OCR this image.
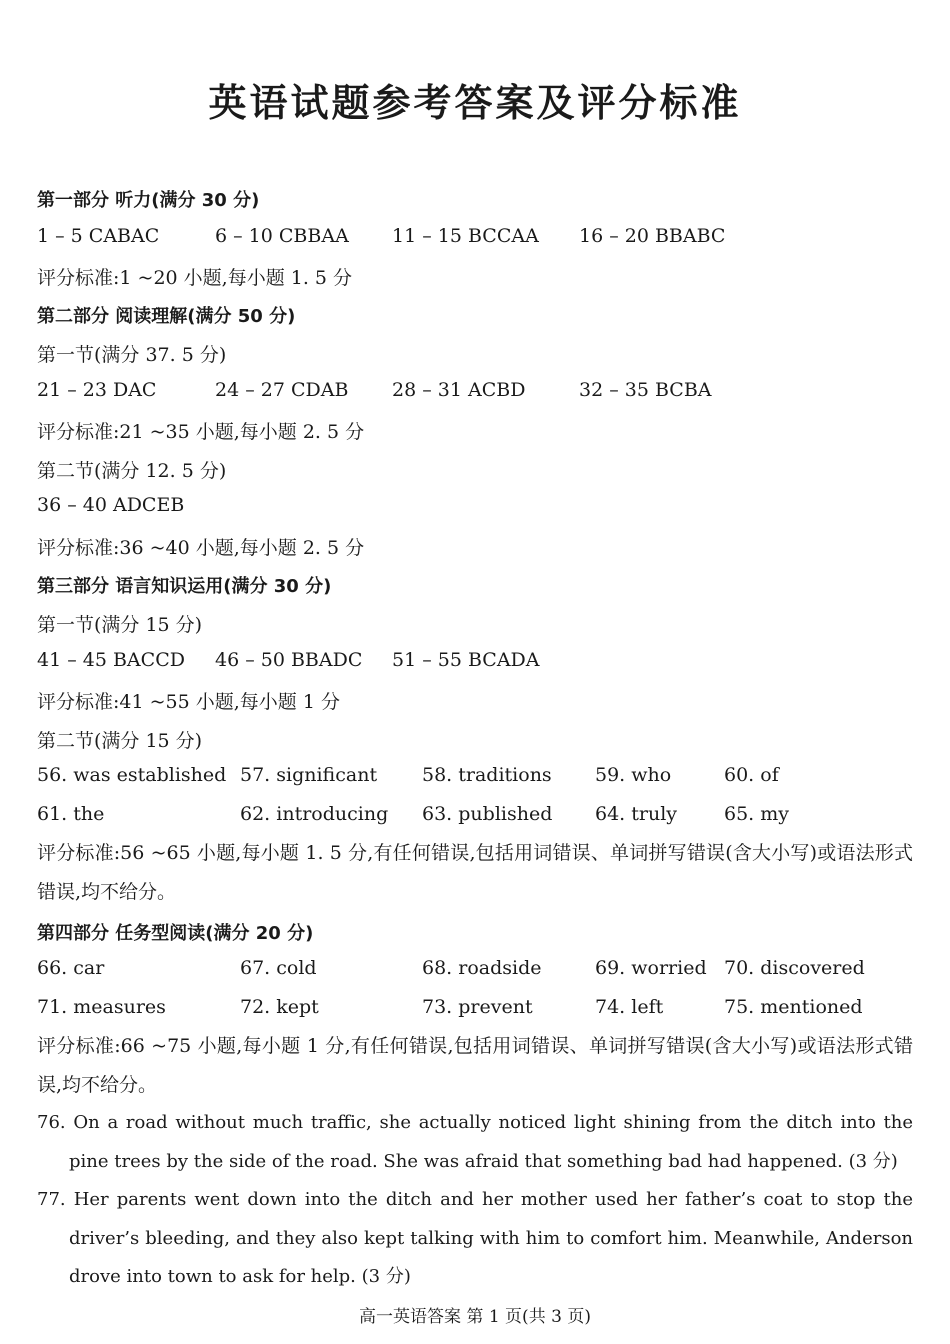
英语试题参考答案及评分标准
第一部分 听力(满分 30 分)
1 – 5 CABAC	6 – 10 CBBAA 11 – 15 BCCAA 16 – 20 BBABC
评分标准:1 ~20 小题,每小题 1. 5 分
第二部分 阅读理解(满分 50 分)
第一节(满分 37. 5 分)
21 – 23 DAC	24 – 27 CDAB 28 – 31 ACBD	32 – 35 BCBA
评分标准:21 ~35 小题,每小题 2. 5 分
第二节(满分 12. 5 分)
36 – 40 ADCEB
评分标准:36 ~40 小题,每小题 2. 5 分
第三部分 语言知识运用(满分 30 分)
第一节(满分 15 分)
41 – 45 BACCD 46 – 50 BBADC 51 – 55 BCADA
评分标准:41 ~55 小题,每小题 1 分
第二节(满分 15 分)
56. was established 57. significant 58. traditions 59. who	60. of
61. the	62. introducing 63. published 64. truly 65. my
评分标准:56 ~65 小题,每小题 1. 5 分,有任何错误,包括用词错误、单词拼写错误(含大小写)或语法形式错误,均不给分。
第四部分 任务型阅读(满分 20 分)
66. car	67. cold	68. roadside	69. worried 70. discovered
71. measures	72. kept	73. prevent	74. left	75. mentioned
评分标准:66 ~75 小题,每小题 1 分,有任何错误,包括用词错误、单词拼写错误(含大小写)或语法形式错误,均不给分。
76. On a road without much traffic, she actually noticed light shining from the ditch into the pine trees by the side of the road. She was afraid that something bad had happened. (3 分)
77. Her parents went down into the ditch and her mother used her father’s coat to stop the driver’s bleeding, and they also kept talking with him to comfort him. Meanwhile, Anderson drove into town to ask for help. (3 分)
高一英语答案 第 1 页(共 3 页)
